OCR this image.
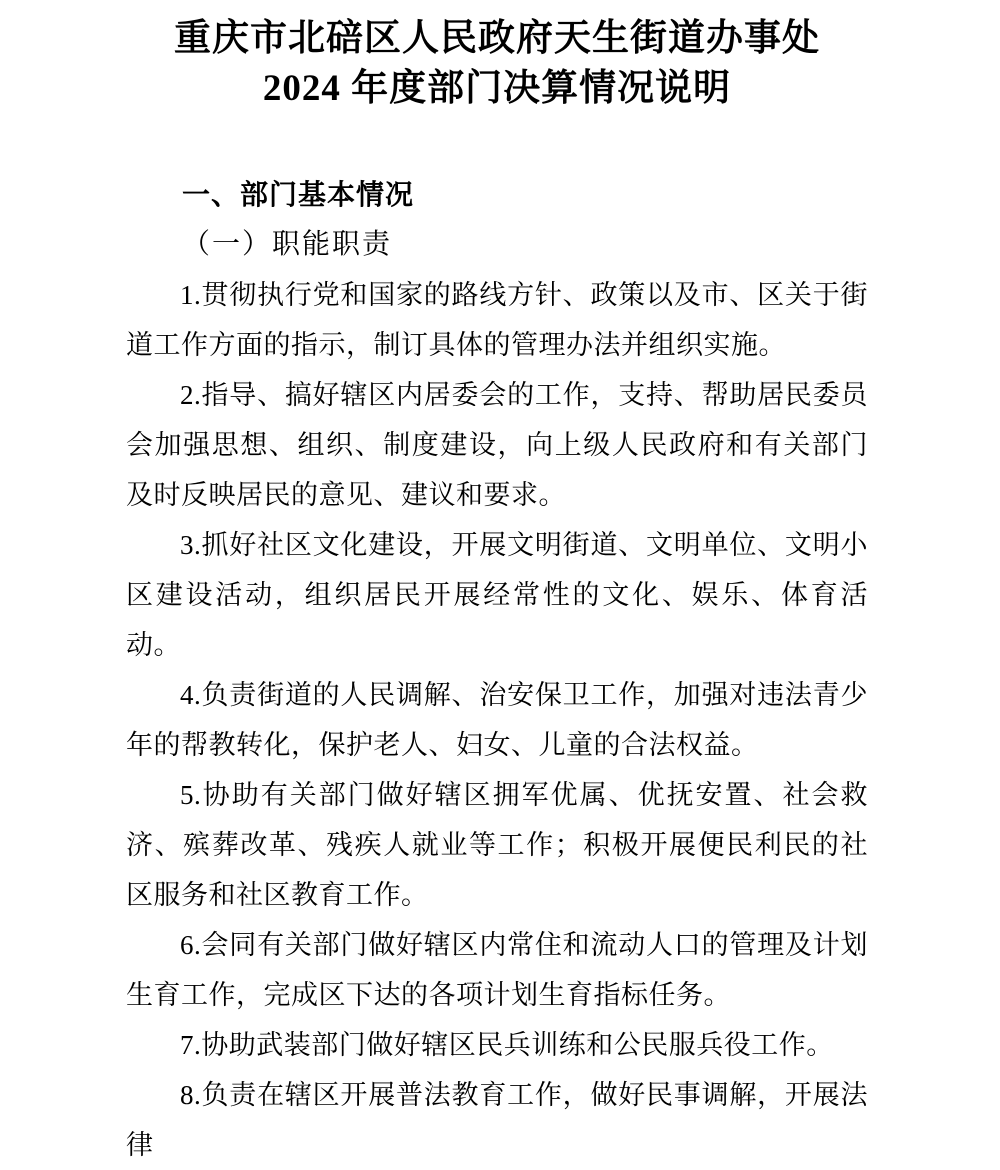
重庆市北碚区人民政府天生街道办事处
2024 年度部门决算情况说明
一、部门基本情况
（一）职能职责

1.贯彻执行党和国家的路线方针、政策以及市、区关于街道工作方面的指示，制订具体的管理办法并组织实施。

2.指导、搞好辖区内居委会的工作，支持、帮助居民委员会加强思想、组织、制度建设，向上级人民政府和有关部门及时反映居民的意见、建议和要求。

3.抓好社区文化建设，开展文明街道、文明单位、文明小区建设活动，组织居民开展经常性的文化、娱乐、体育活动。

4.负责街道的人民调解、治安保卫工作，加强对违法青少年的帮教转化，保护老人、妇女、儿童的合法权益。

5.协助有关部门做好辖区拥军优属、优抚安置、社会救济、殡葬改革、残疾人就业等工作；积极开展便民利民的社区服务和社区教育工作。

6.会同有关部门做好辖区内常住和流动人口的管理及计划生育工作，完成区下达的各项计划生育指标任务。

7.协助武装部门做好辖区民兵训练和公民服兵役工作。

8.负责在辖区开展普法教育工作，做好民事调解，开展法律
